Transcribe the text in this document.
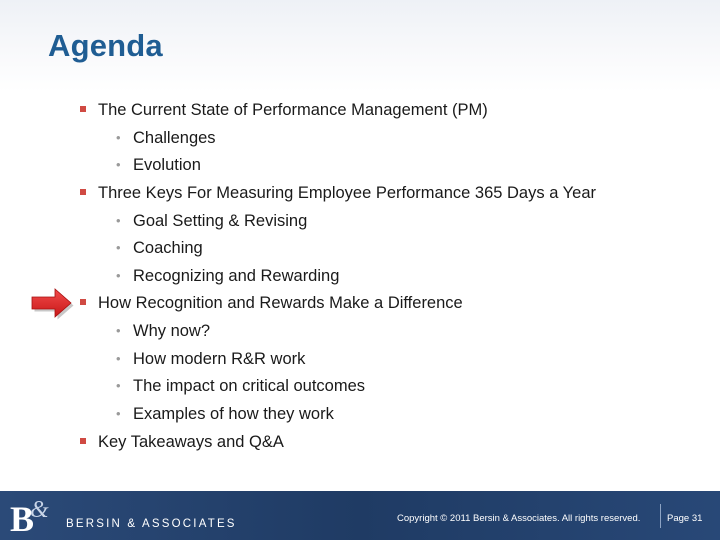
Agenda
The Current State of Performance Management (PM)
• Challenges
• Evolution
Three Keys For Measuring Employee Performance 365 Days a Year
• Goal Setting & Revising
• Coaching
• Recognizing and Rewarding
How Recognition and Rewards Make a Difference
• Why now?
• How modern R&R work
• The impact on critical outcomes
• Examples of how they work
Key Takeaways and Q&A
B
&
BERSIN & ASSOCIATES	Copyright © 2011 Bersin & Associates. All rights reserved.	Page 31
